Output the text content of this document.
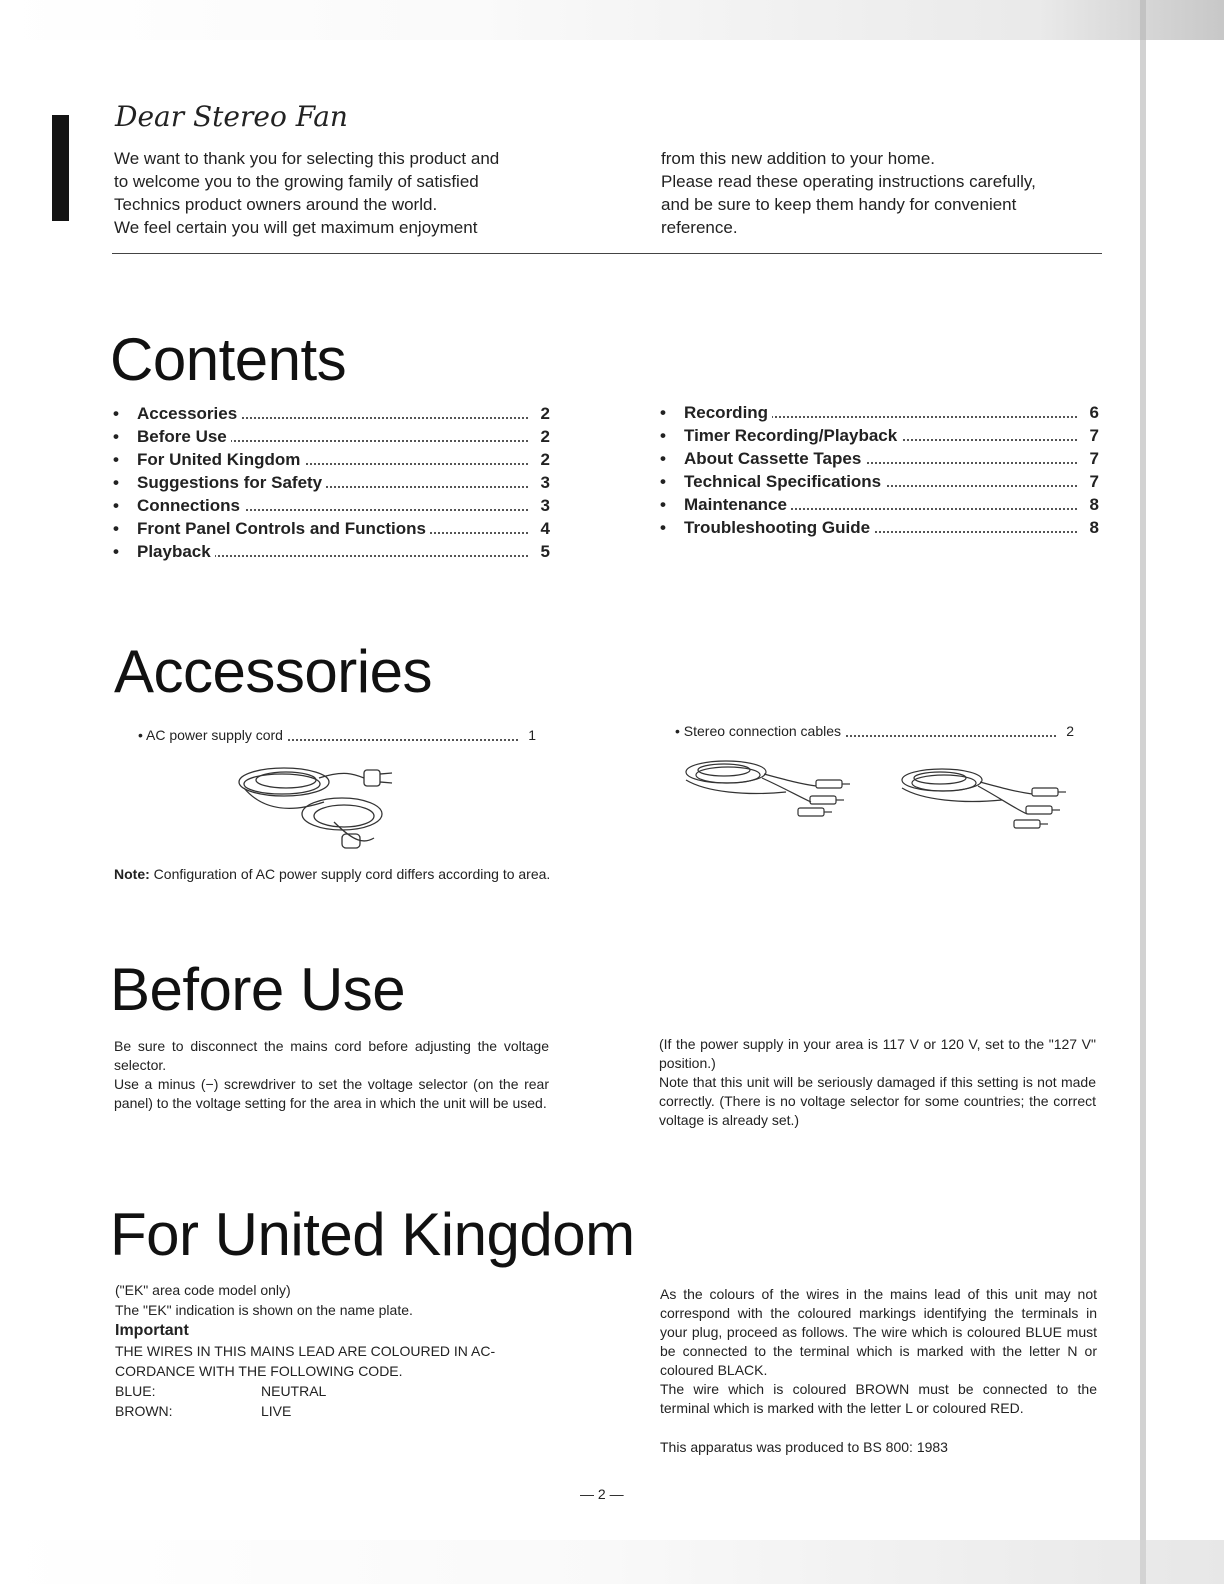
Dear Stereo Fan

We want to thank you for selecting this product and

to welcome you to the growing family of satisfied

Technics product owners around the world.

We feel certain you will get maximum enjoyment

from this new addition to your home.

Please read these operating instructions carefully,

and be sure to keep them handy for convenient

reference.

Contents
• Accessories	2
• Before Use	2
• For United Kingdom	2
• Suggestions for Safety	3
• Connections	3
• Front Panel Controls and Functions	4
• Playback	5
• Recording	6
• Timer Recording/Playback	7
• About Cassette Tapes	7
• Technical Specifications	7
• Maintenance	8
• Troubleshooting Guide	8
Accessories
• AC power supply cord	1	• Stereo connection cables	2
Note: Configuration of AC power supply cord differs according to area.
Before Use

Be sure to disconnect the mains cord before adjusting the voltage selector.

Use a minus (−) screwdriver to set the voltage selector (on the rear panel) to the voltage setting for the area in which the unit will be used.

(If the power supply in your area is 117 V or 120 V, set to the "127 V" position.)

Note that this unit will be seriously damaged if this setting is not made correctly. (There is no voltage selector for some countries; the correct voltage is already set.)

For United Kingdom

("EK" area code model only)

The "EK" indication is shown on the name plate.

Important

THE WIRES IN THIS MAINS LEAD ARE COLOURED IN AC-

CORDANCE WITH THE FOLLOWING CODE.

BLUE:	NEUTRAL
BROWN:	LIVE

As the colours of the wires in the mains lead of this unit may not correspond with the coloured markings identifying the terminals in your plug, proceed as follows. The wire which is coloured BLUE must be connected to the terminal which is marked with the letter N or coloured BLACK.

The wire which is coloured BROWN must be connected to the terminal which is marked with the letter L or coloured RED.

This apparatus was produced to BS 800: 1983
— 2 —
